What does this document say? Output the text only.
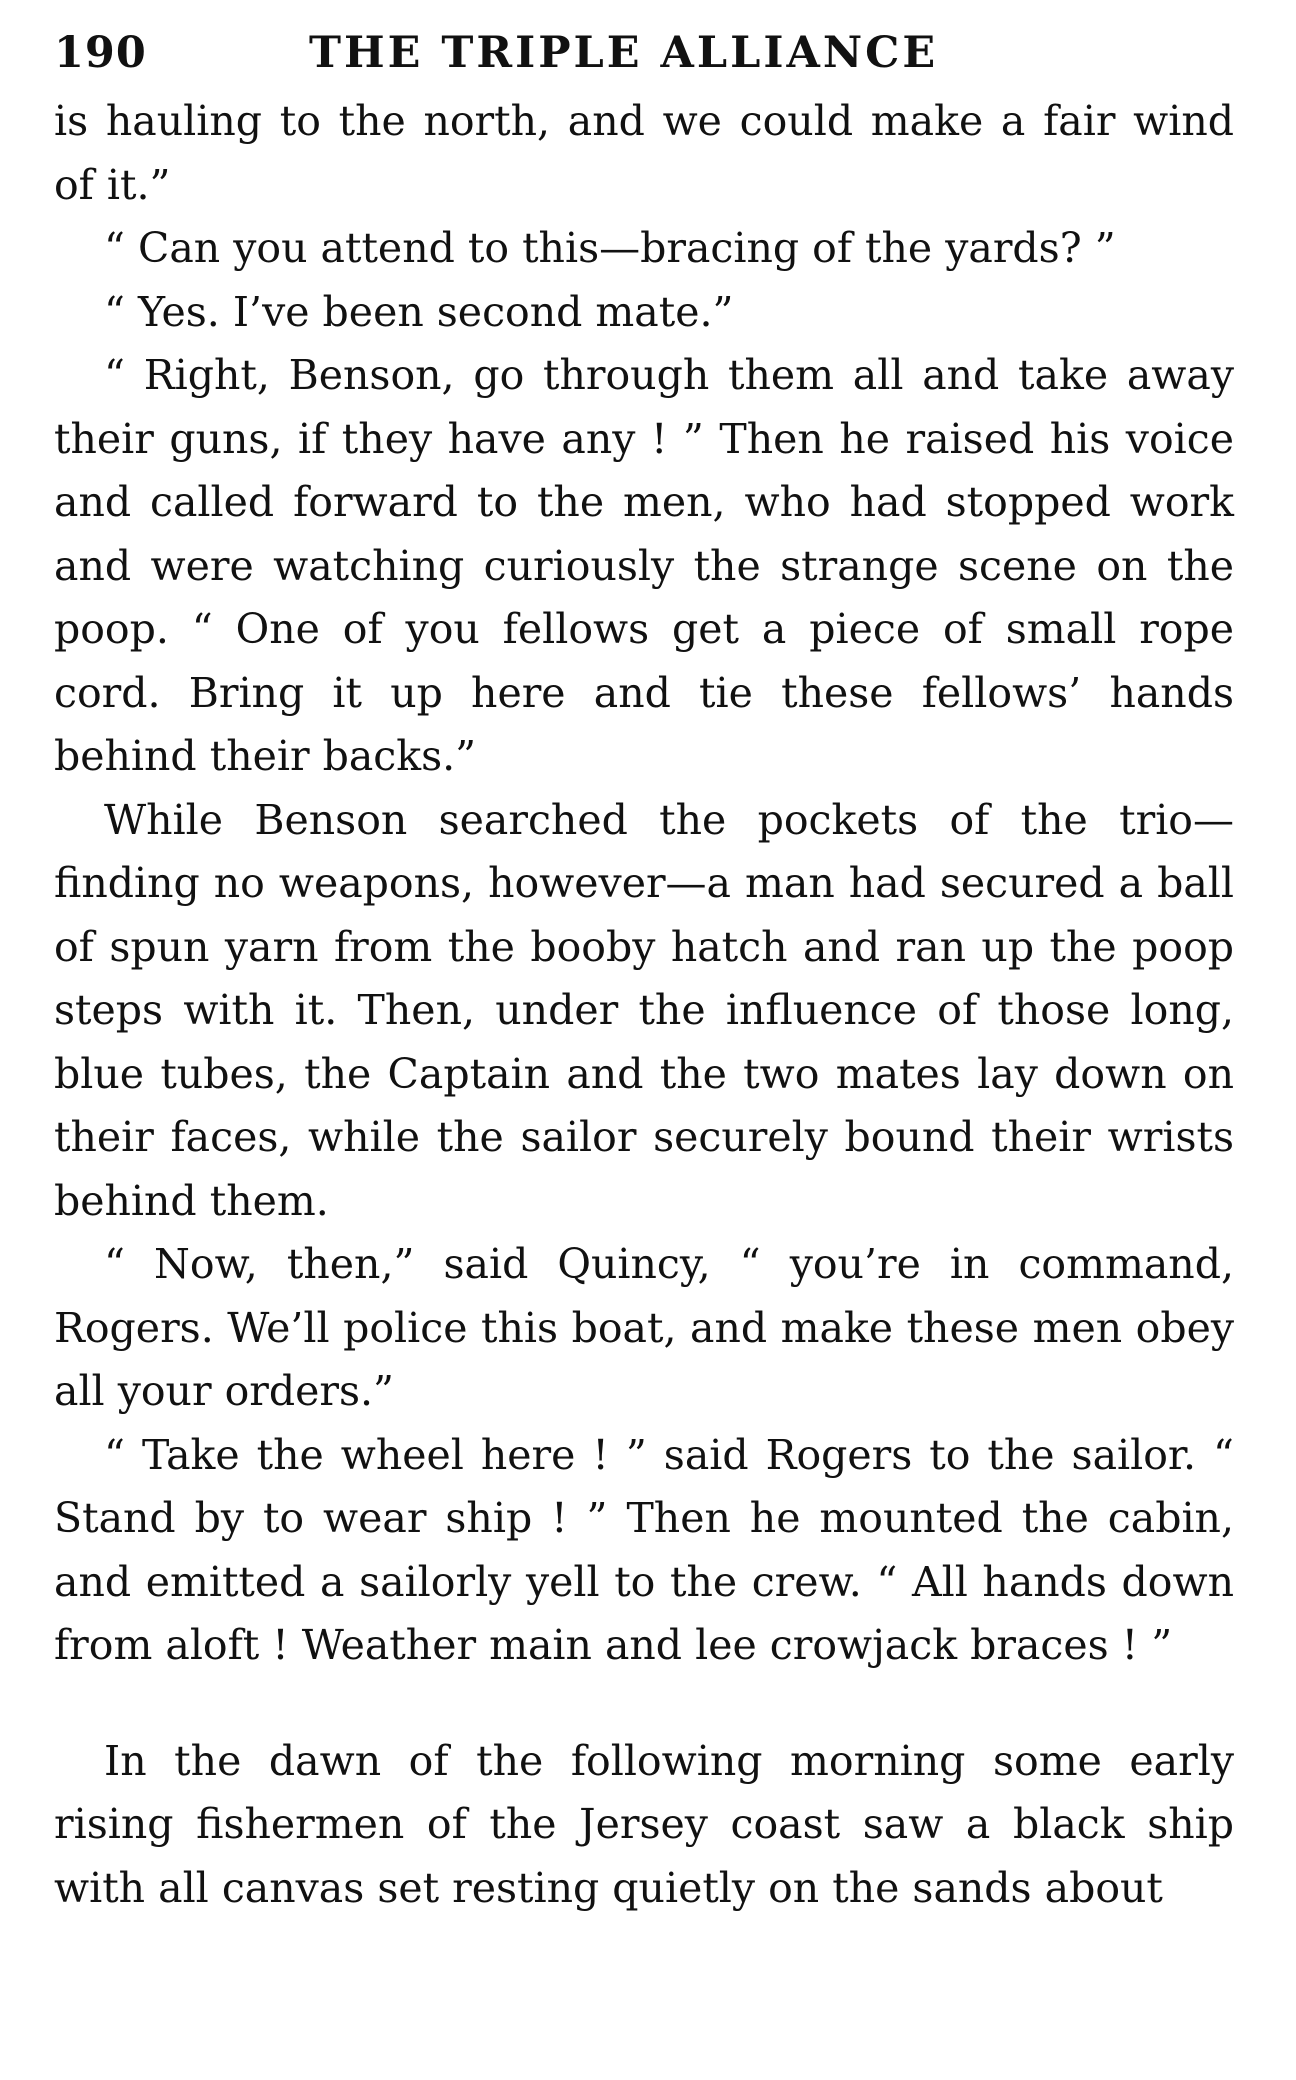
190	THE TRIPLE ALLIANCE

is hauling to the north, and we could make a fair wind of it.”

“ Can you attend to this—bracing of the yards? ”

“ Yes. I’ve been second mate.”

“ Right, Benson, go through them all and take away their guns, if they have any ! ” Then he raised his voice and called forward to the men, who had stopped work and were watching curiously the strange scene on the poop. “ One of you fellows get a piece of small rope cord. Bring it up here and tie these fellows’ hands behind their backs.”

While Benson searched the pockets of the trio—finding no weapons, however—a man had secured a ball of spun yarn from the booby hatch and ran up the poop steps with it. Then, under the influence of those long, blue tubes, the Captain and the two mates lay down on their faces, while the sailor securely bound their wrists behind them.

“ Now, then,” said Quincy, “ you’re in command, Rogers. We’ll police this boat, and make these men obey all your orders.”

“ Take the wheel here ! ” said Rogers to the sailor. “ Stand by to wear ship ! ” Then he mounted the cabin, and emitted a sailorly yell to the crew. “ All hands down from aloft ! Weather main and lee crowjack braces ! ”

In the dawn of the following morning some early rising fishermen of the Jersey coast saw a black ship with all canvas set resting quietly on the sands about
